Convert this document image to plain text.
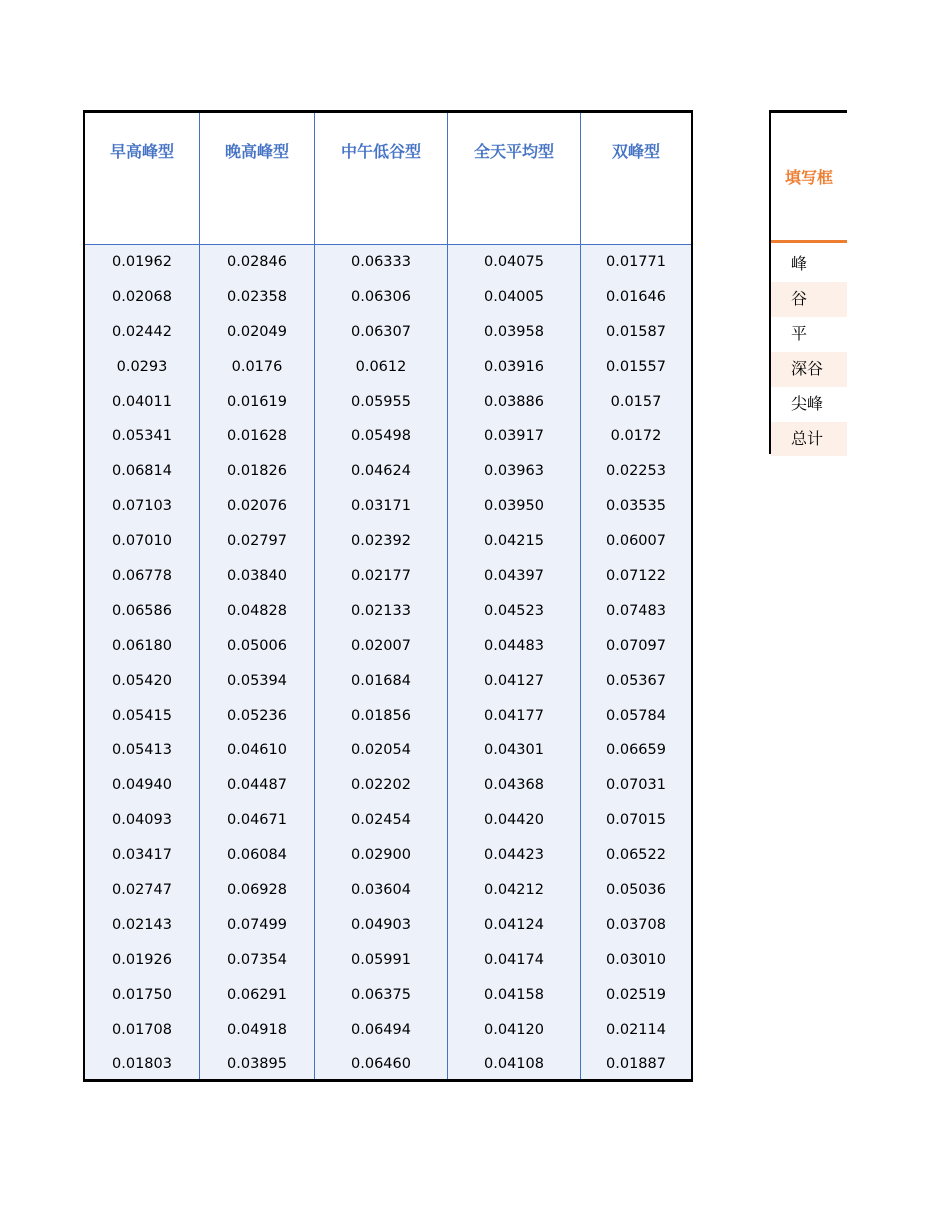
早高峰型	晚高峰型	中午低谷型	全天平均型	双峰型
0.01962	0.02846	0.06333	0.04075	0.01771
0.02068	0.02358	0.06306	0.04005	0.01646
0.02442	0.02049	0.06307	0.03958	0.01587
0.0293	0.0176	0.0612	0.03916	0.01557
0.04011	0.01619	0.05955	0.03886	0.0157
0.05341	0.01628	0.05498	0.03917	0.0172
0.06814	0.01826	0.04624	0.03963	0.02253
0.07103	0.02076	0.03171	0.03950	0.03535
0.07010	0.02797	0.02392	0.04215	0.06007
0.06778	0.03840	0.02177	0.04397	0.07122
0.06586	0.04828	0.02133	0.04523	0.07483
0.06180	0.05006	0.02007	0.04483	0.07097
0.05420	0.05394	0.01684	0.04127	0.05367
0.05415	0.05236	0.01856	0.04177	0.05784
0.05413	0.04610	0.02054	0.04301	0.06659
0.04940	0.04487	0.02202	0.04368	0.07031
0.04093	0.04671	0.02454	0.04420	0.07015
0.03417	0.06084	0.02900	0.04423	0.06522
0.02747	0.06928	0.03604	0.04212	0.05036
0.02143	0.07499	0.04903	0.04124	0.03708
0.01926	0.07354	0.05991	0.04174	0.03010
0.01750	0.06291	0.06375	0.04158	0.02519
0.01708	0.04918	0.06494	0.04120	0.02114
0.01803	0.03895	0.06460	0.04108	0.01887
填写框
峰
谷
平
深谷
尖峰
总计
